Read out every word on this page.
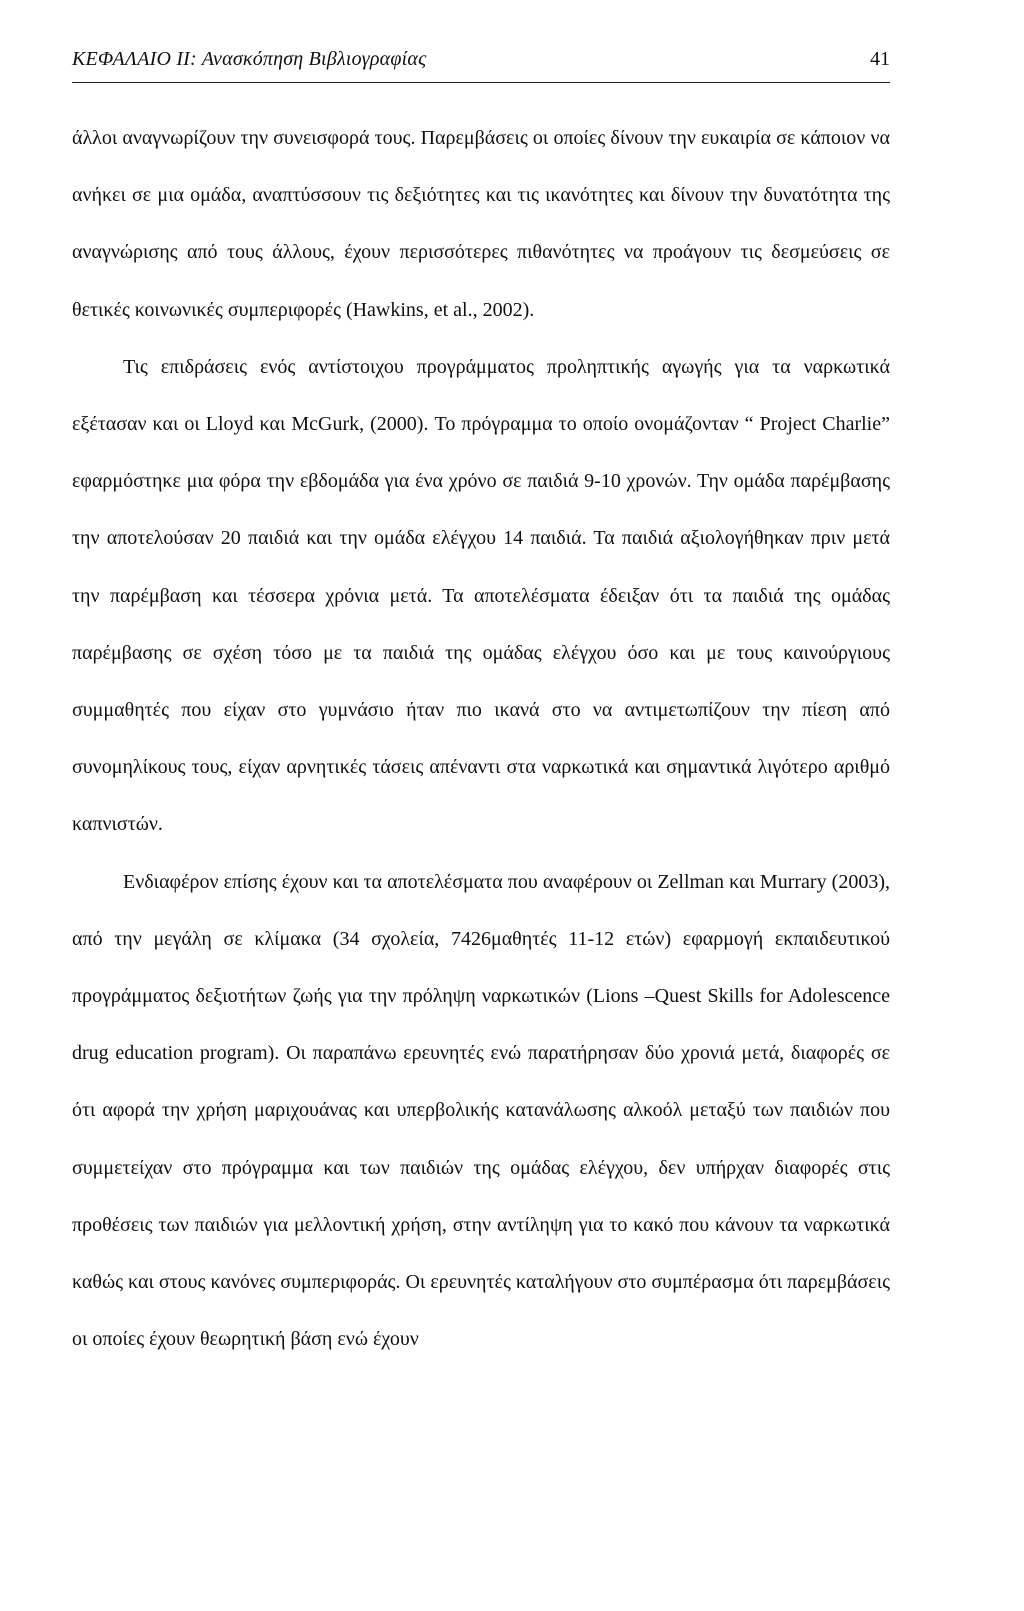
ΚΕΦΑΛΑΙΟ ΙΙ: Ανασκόπηση Βιβλιογραφίας	41

άλλοι αναγνωρίζουν την συνεισφορά τους. Παρεμβάσεις οι οποίες δίνουν την ευκαιρία σε κάποιον να ανήκει σε μια ομάδα, αναπτύσσουν τις δεξιότητες και τις ικανότητες και δίνουν την δυνατότητα της αναγνώρισης από τους άλλους, έχουν περισσότερες πιθανότητες να προάγουν τις δεσμεύσεις σε θετικές κοινωνικές συμπεριφορές (Hawkins, et al., 2002).

Τις επιδράσεις ενός αντίστοιχου προγράμματος προληπτικής αγωγής για τα ναρκωτικά εξέτασαν και οι Lloyd και McGurk, (2000). Το πρόγραμμα το οποίο ονομάζονταν “ Project Charlie” εφαρμόστηκε μια φόρα την εβδομάδα για ένα χρόνο σε παιδιά 9-10 χρονών. Την ομάδα παρέμβασης την αποτελούσαν 20 παιδιά και την ομάδα ελέγχου 14 παιδιά. Τα παιδιά αξιολογήθηκαν πριν μετά την παρέμβαση και τέσσερα χρόνια μετά. Τα αποτελέσματα έδειξαν ότι τα παιδιά της ομάδας παρέμβασης σε σχέση τόσο με τα παιδιά της ομάδας ελέγχου όσο και με τους καινούργιους συμμαθητές που είχαν στο γυμνάσιο ήταν πιο ικανά στο να αντιμετωπίζουν την πίεση από συνομηλίκους τους, είχαν αρνητικές τάσεις απέναντι στα ναρκωτικά και σημαντικά λιγότερο αριθμό καπνιστών.

Ενδιαφέρον επίσης έχουν και τα αποτελέσματα που αναφέρουν οι Zellman και Murrary (2003), από την μεγάλη σε κλίμακα (34 σχολεία, 7426μαθητές 11-12 ετών) εφαρμογή εκπαιδευτικού προγράμματος δεξιοτήτων ζωής για την πρόληψη ναρκωτικών (Lions –Quest Skills for Adolescence drug education program). Οι παραπάνω ερευνητές ενώ παρατήρησαν δύο χρονιά μετά, διαφορές σε ότι αφορά την χρήση μαριχουάνας και υπερβολικής κατανάλωσης αλκοόλ μεταξύ των παιδιών που συμμετείχαν στο πρόγραμμα και των παιδιών της ομάδας ελέγχου, δεν υπήρχαν διαφορές στις προθέσεις των παιδιών για μελλοντική χρήση, στην αντίληψη για το κακό που κάνουν τα ναρκωτικά καθώς και στους κανόνες συμπεριφοράς. Οι ερευνητές καταλήγουν στο συμπέρασμα ότι παρεμβάσεις οι οποίες έχουν θεωρητική βάση ενώ έχουν
